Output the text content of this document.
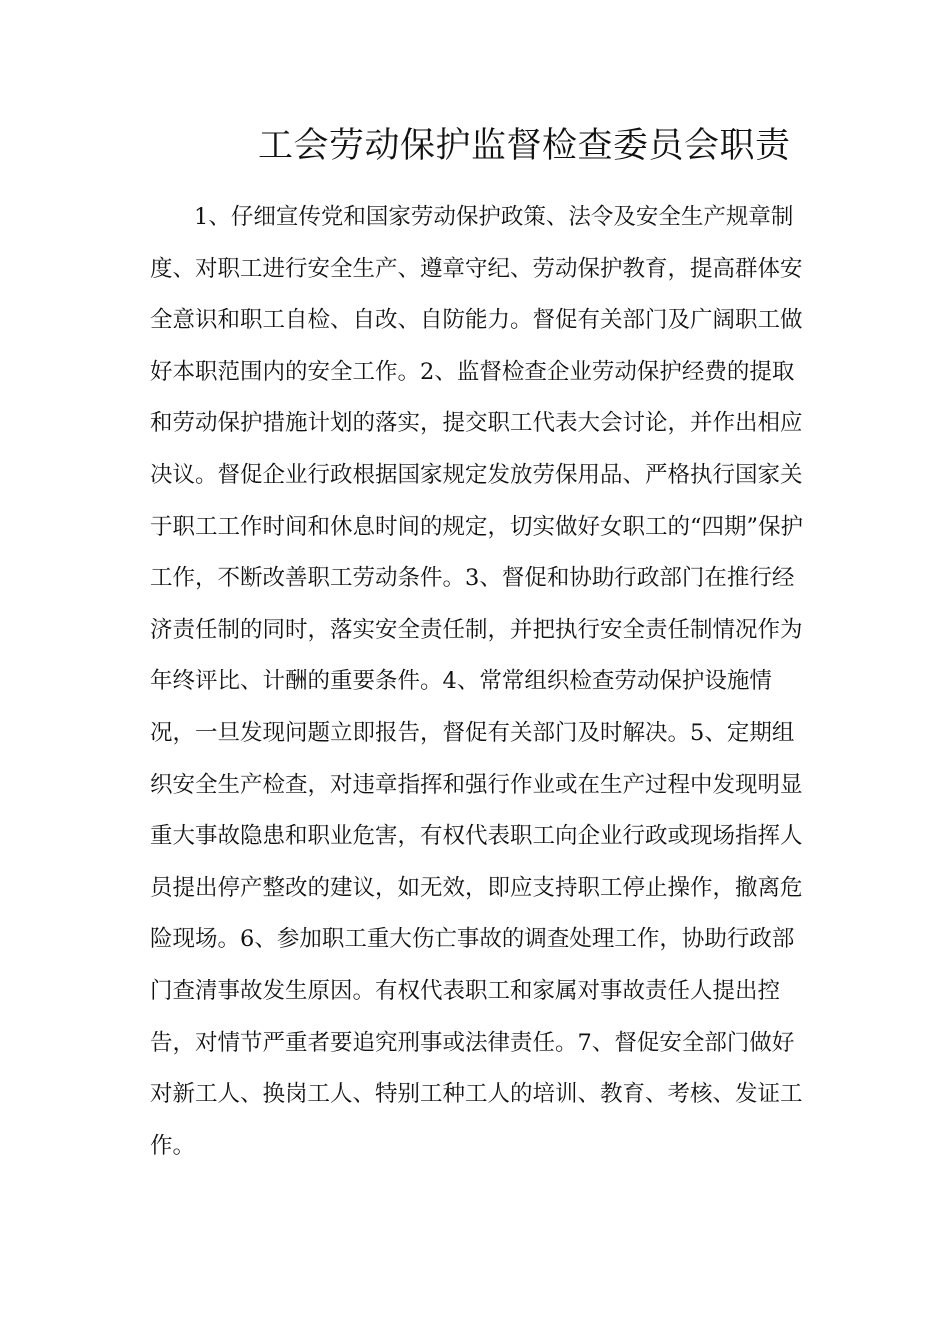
工会劳动保护监督检查委员会职责
1、仔细宣传党和国家劳动保护政策、法令及安全生产规章制
度、对职工进行安全生产、遵章守纪、劳动保护教育，提高群体安
全意识和职工自检、自改、自防能力。督促有关部门及广阔职工做
好本职范围内的安全工作。2、监督检查企业劳动保护经费的提取
和劳动保护措施计划的落实，提交职工代表大会讨论，并作出相应
决议。督促企业行政根据国家规定发放劳保用品、严格执行国家关
于职工工作时间和休息时间的规定，切实做好女职工的“四期”保护
工作，不断改善职工劳动条件。3、督促和协助行政部门在推行经
济责任制的同时，落实安全责任制，并把执行安全责任制情况作为
年终评比、计酬的重要条件。4、常常组织检查劳动保护设施情
况，一旦发现问题立即报告，督促有关部门及时解决。5、定期组
织安全生产检查，对违章指挥和强行作业或在生产过程中发现明显
重大事故隐患和职业危害，有权代表职工向企业行政或现场指挥人
员提出停产整改的建议，如无效，即应支持职工停止操作，撤离危
险现场。6、参加职工重大伤亡事故的调查处理工作，协助行政部
门查清事故发生原因。有权代表职工和家属对事故责任人提出控
告，对情节严重者要追究刑事或法律责任。7、督促安全部门做好
对新工人、换岗工人、特别工种工人的培训、教育、考核、发证工
作。
